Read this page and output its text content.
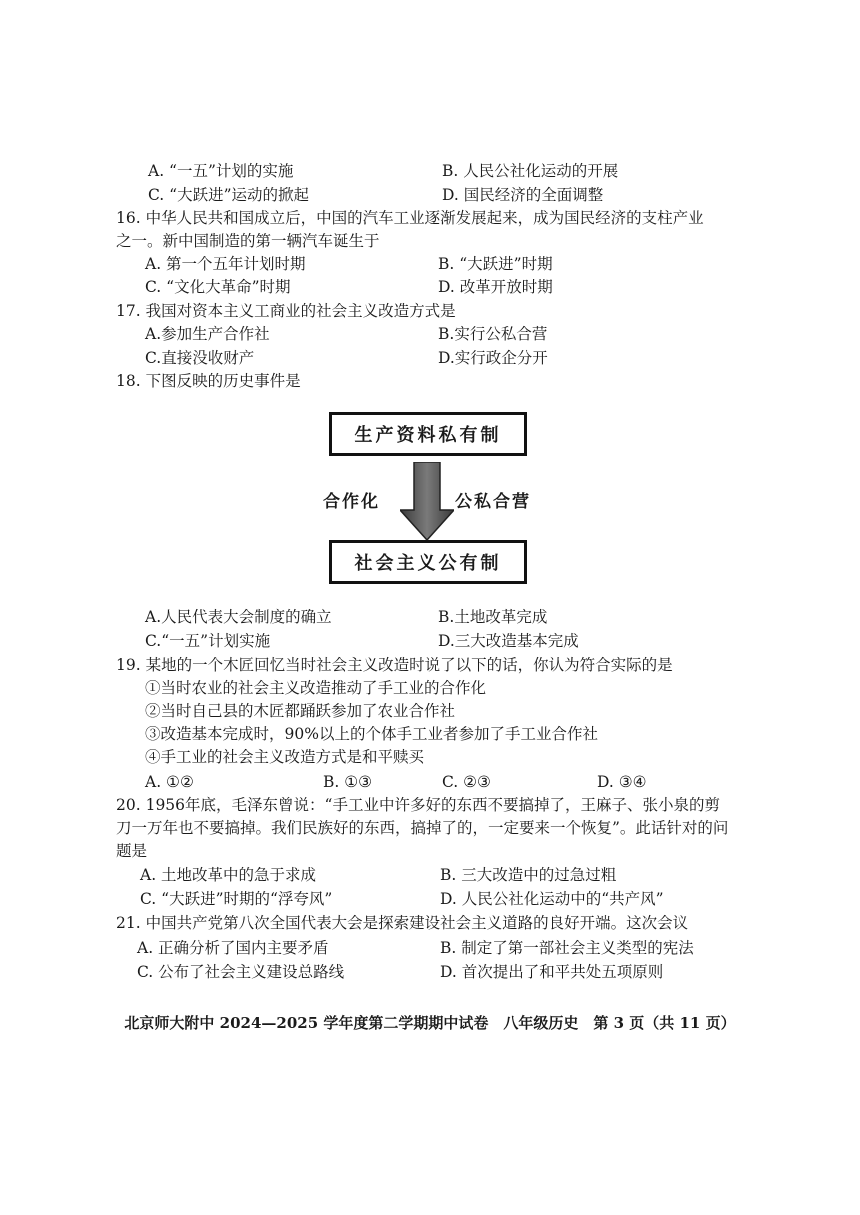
A. “一五”计划的实施	B. 人民公社化运动的开展
C. “大跃进”运动的掀起	D. 国民经济的全面调整
16. 中华人民共和国成立后，中国的汽车工业逐渐发展起来，成为国民经济的支柱产业
之一。新中国制造的第一辆汽车诞生于
A. 第一个五年计划时期	B. “大跃进”时期
C. “文化大革命”时期	D. 改革开放时期
17. 我国对资本主义工商业的社会主义改造方式是
A.参加生产合作社	B.实行公私合营
C.直接没收财产	D.实行政企分开
18. 下图反映的历史事件是
生产资料私有制
合作化	公私合营
社会主义公有制
A.人民代表大会制度的确立	B.土地改革完成
C.“一五”计划实施	D.三大改造基本完成
19. 某地的一个木匠回忆当时社会主义改造时说了以下的话，你认为符合实际的是
①当时农业的社会主义改造推动了手工业的合作化
②当时自己县的木匠都踊跃参加了农业合作社
③改造基本完成时，90%以上的个体手工业者参加了手工业合作社
④手工业的社会主义改造方式是和平赎买
A. ①②	B. ①③	C. ②③	D. ③④
20. 1956年底，毛泽东曾说：“手工业中许多好的东西不要搞掉了，王麻子、张小泉的剪
刀一万年也不要搞掉。我们民族好的东西，搞掉了的，一定要来一个恢复”。此话针对的问
题是
A. 土地改革中的急于求成	B. 三大改造中的过急过粗
C. “大跃进”时期的“浮夸风”	D. 人民公社化运动中的“共产风”
21. 中国共产党第八次全国代表大会是探索建设社会主义道路的良好开端。这次会议
A. 正确分析了国内主要矛盾	B. 制定了第一部社会主义类型的宪法
C. 公布了社会主义建设总路线	D. 首次提出了和平共处五项原则
北京师大附中 2024—2025 学年度第二学期期中试卷　八年级历史　第 3 页（共 11 页）
